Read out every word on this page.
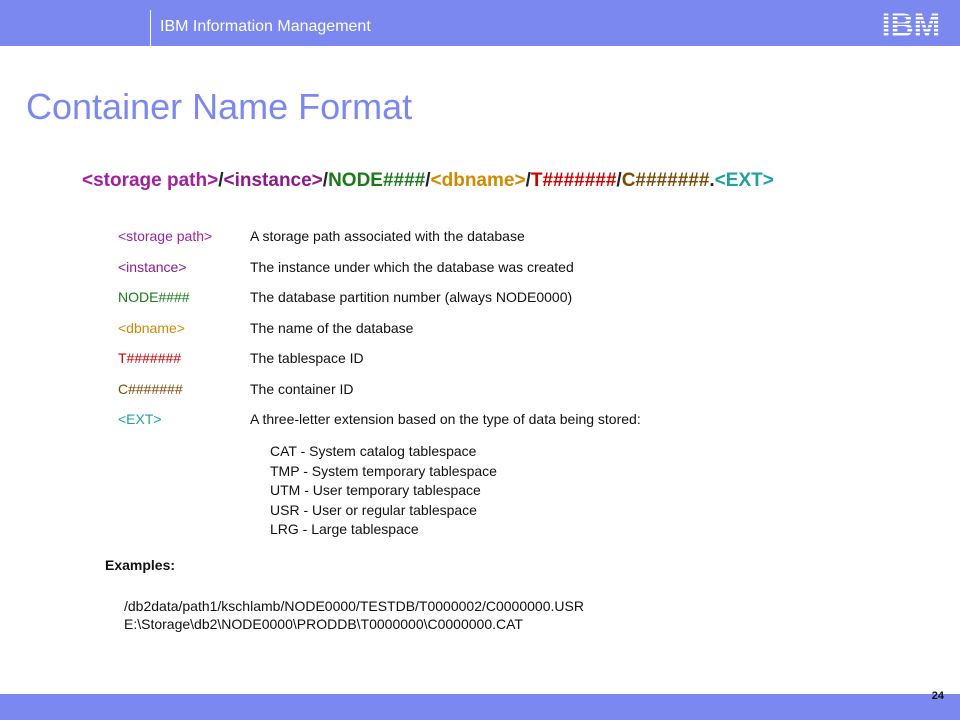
IBM Information Management	IBM
Container Name Format
<storage path>/<instance>/NODE####/<dbname>/T#######/C#######.<EXT>
<storage path>	A storage path associated with the database
<instance>	The instance under which the database was created
NODE####	The database partition number (always NODE0000)
<dbname>	The name of the database
T#######	The tablespace ID
C#######	The container ID
<EXT>	A three-letter extension based on the type of data being stored:
CAT - System catalog tablespace
TMP - System temporary tablespace
UTM - User temporary tablespace
USR - User or regular tablespace
LRG - Large tablespace
Examples:
/db2data/path1/kschlamb/NODE0000/TESTDB/T0000002/C0000000.USR
E:\Storage\db2\NODE0000\PRODDB\T0000000\C0000000.CAT
24
